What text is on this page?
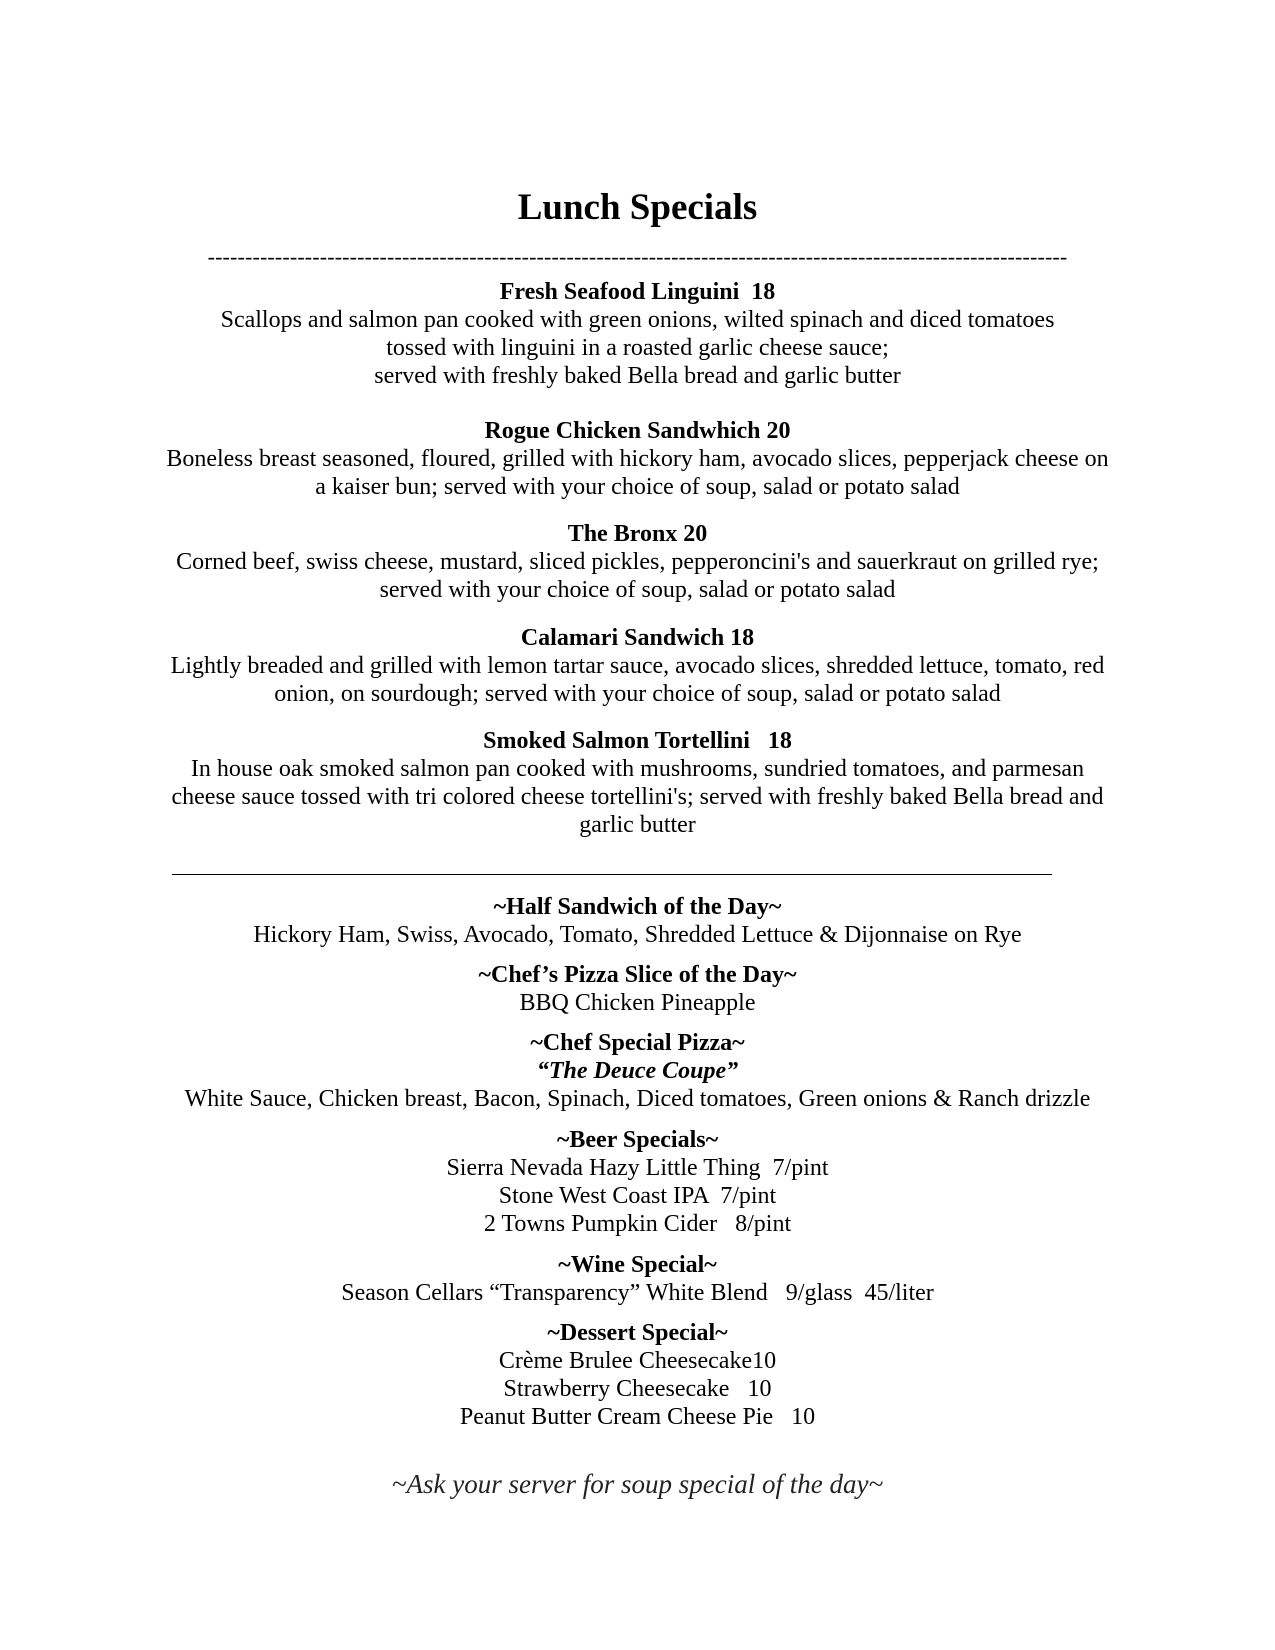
Lunch Specials
-------------------------------------------------------------------------------------------------------------------
Fresh Seafood Linguini  18
Scallops and salmon pan cooked with green onions, wilted spinach and diced tomatoes
tossed with linguini in a roasted garlic cheese sauce;
served with freshly baked Bella bread and garlic butter
Rogue Chicken Sandwhich 20
Boneless breast seasoned, floured, grilled with hickory ham, avocado slices, pepperjack cheese on
a kaiser bun; served with your choice of soup, salad or potato salad
The Bronx 20
Corned beef, swiss cheese, mustard, sliced pickles, pepperoncini's and sauerkraut on grilled rye;
served with your choice of soup, salad or potato salad
Calamari Sandwich 18
Lightly breaded and grilled with lemon tartar sauce, avocado slices, shredded lettuce, tomato, red
onion, on sourdough; served with your choice of soup, salad or potato salad
Smoked Salmon Tortellini   18
In house oak smoked salmon pan cooked with mushrooms, sundried tomatoes, and parmesan
cheese sauce tossed with tri colored cheese tortellini's; served with freshly baked Bella bread and
garlic butter
~Half Sandwich of the Day~
Hickory Ham, Swiss, Avocado, Tomato, Shredded Lettuce & Dijonnaise on Rye
~Chef’s Pizza Slice of the Day~
BBQ Chicken Pineapple
~Chef Special Pizza~
“The Deuce Coupe”
White Sauce, Chicken breast, Bacon, Spinach, Diced tomatoes, Green onions & Ranch drizzle
~Beer Specials~
Sierra Nevada Hazy Little Thing  7/pint
Stone West Coast IPA  7/pint
2 Towns Pumpkin Cider   8/pint
~Wine Special~
Season Cellars “Transparency” White Blend   9/glass  45/liter
~Dessert Special~
Crème Brulee Cheesecake10
Strawberry Cheesecake   10
Peanut Butter Cream Cheese Pie   10
~Ask your server for soup special of the day~
